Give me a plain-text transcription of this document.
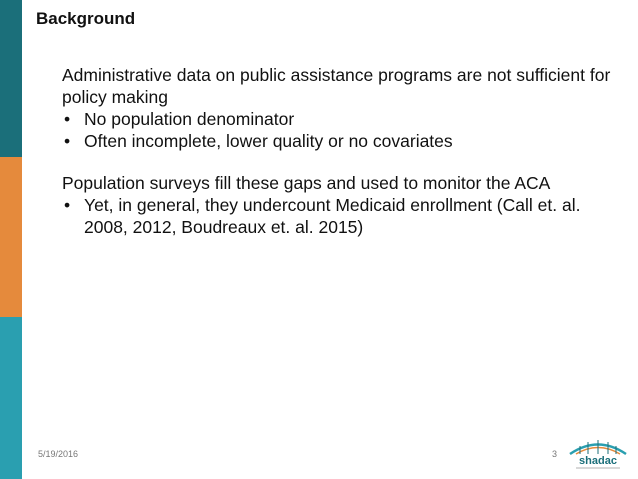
Background

Administrative data on public assistance programs are not sufficient for policy making

• No population denominator
• Often incomplete, lower quality or no covariates

Population surveys fill these gaps and used to monitor the ACA

• Yet, in general, they undercount Medicaid enrollment (Call et. al. 2008, 2012, Boudreaux et. al. 2015)
5/19/2016	3
shadac
